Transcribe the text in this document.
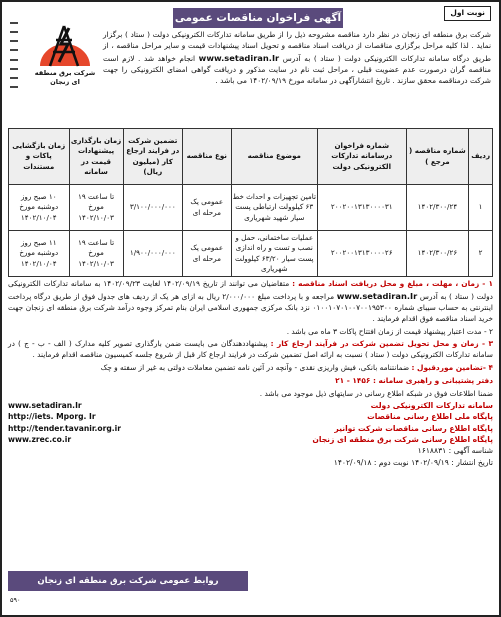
نوبت اول
آگهی فراخوان مناقصات عمومی
شرکت برق منطقه ای زنجان
شرکت برق منطقه ای زنجان در نظر دارد مناقصه مشروحه ذیل را از طریق سامانه تدارکات الکترونیکی دولت ( ستاد ) برگزار نماید . لذا کلیه مراحل برگزاری مناقصات از دریافت اسناد مناقصه و تحویل اسناد پیشنهادات قیمت و سایر مراحل مناقصه ، از طریق درگاه سامانه تدارکات الکترونیکی دولت ( ستاد ) به آدرس www.setadiran.Ir انجام خواهد شد . لازم است مناقصه گران درصورت عدم عضویت قبلی ، مراحل ثبت نام در سایت مذکور و دریافت گواهی امضای الکترونیکی را جهت شرکت درمناقصه محقق سازند . تاریخ انتشارآگهی در سامانه مورخ ۱۴۰۲/۰۹/۱۹ می باشد .
ردیف	شماره مناقصه ( مرجع )	شماره فراخوان درسامانه تدارکات الکترونیکی دولت	موضوع مناقصه	نوع مناقصه	تضمین شرکت در فرایند ارجاع کار (میلیون ریال)	زمان بارگذاری پیشنهادات قیمت در سامانه	زمان بازگشایی پاکات و مستندات
۱	۱۴۰۲/۳۰۰/۲۴	۲۰۰۲۰۰۱۳۱۳۰۰۰۰۳۱	تامین تجهیزات و احداث خط ۶۳ کیلوولت ارتباطی پست سیار شهید شهریاری	عمومی یک مرحله ای	۳/۱۰۰/۰۰۰/۰۰۰	تا ساعت ۱۹ مورخ ۱۴۰۲/۱۰/۰۳	۱۰ صبح روز دوشنبه مورخ ۱۴۰۲/۱۰/۰۴
۲	۱۴۰۲/۳۰۰/۲۶	۲۰۰۲۰۰۱۳۱۳۰۰۰۰۲۶	عملیات ساختمانی، حمل و نصب و تست و راه اندازی پست سیار ۶۳/۲۰ کیلوولت شهریاری	عمومی یک مرحله ای	۱/۹۰۰/۰۰۰/۰۰۰	تا ساعت ۱۹ مورخ ۱۴۰۲/۱۰/۰۳	۱۱ صبح روز دوشنبه مورخ ۱۴۰۲/۱۰/۰۴
۱ - زمان ، مهلت ، مبلغ و محل دریافت اسناد مناقصه : متقاضیان می توانند از تاریخ ۱۴۰۲/۰۹/۱۹ لغایت ۱۴۰۲/۰۹/۲۳ به سامانه تدارکات الکترونیکی دولت ( ستاد ) به آدرس www.setadiran.Ir مراجعه و با پرداخت مبلغ ۲/۰۰۰/۰۰۰ ریال به ازای هر یک از ردیف های جدول فوق از طریق درگاه پرداخت اینترنتی به حساب سیبای شماره ۰۱۰۰۱۰۷۰۱۰۰۷۰۰۱۹۵۳۰۰ نزد بانک مرکزی جمهوری اسلامی ایران بنام تمرکز وجوه درآمد شرکت برق منطقه ای زنجان جهت خرید اسناد مناقصه فوق اقدام فرمایند .
۲ - مدت اعتبار پیشنهاد قیمت از زمان افتتاح پاکات ۳ ماه می باشد .
۳ - زمان و محل تحویل تضمین شرکت در فرآیند ارجاع کار : پیشنهاددهندگان می بایست ضمن بارگذاری تصویر کلیه مدارک ( الف - ب - ج ) در سامانه تدارکات الکترونیکی دولت ( ستاد ) نسبت به ارائه اصل تضمین شرکت در فرایند ارجاع کار قبل از شروع جلسه کمیسیون مناقصه اقدام فرمایند .
۴ -تضامین موردقبول : ضمانتنامه بانکی، فیش واریزی نقدی - وآنچه در آئین نامه تضمین معاملات دولتی به غیر از سفته و چک
دفتر پشتیبانی و راهبری سامانه : ۱۴۵۶ - ۲۱
ضمنا اطلاعات فوق در شبکه اطلاع رسانی در سایتهای ذیل موجود می باشد .
سامانه تدارکات الکترونیکی دولت
www.setadiran.Ir
پایگاه ملی اطلاع رسانی مناقصات
http://iets. Mporg. Ir
پایگاه اطلاع رسانی مناقصات شرکت توانیر
http://tender.tavanir.org.ir
پایگاه اطلاع رسانی شرکت برق منطقه ای زنجان
www.zrec.co.ir
شناسه آگهی : ۱۶۱۸۸۳۱
تاریخ انتشار : ۱۴۰۲/۰۹/۱۹ نوبت دوم : ۱۴۰۲/۰۹/۱۸
روابط عمومی شرکت برق منطقه ای زنجان
۵۹۰
